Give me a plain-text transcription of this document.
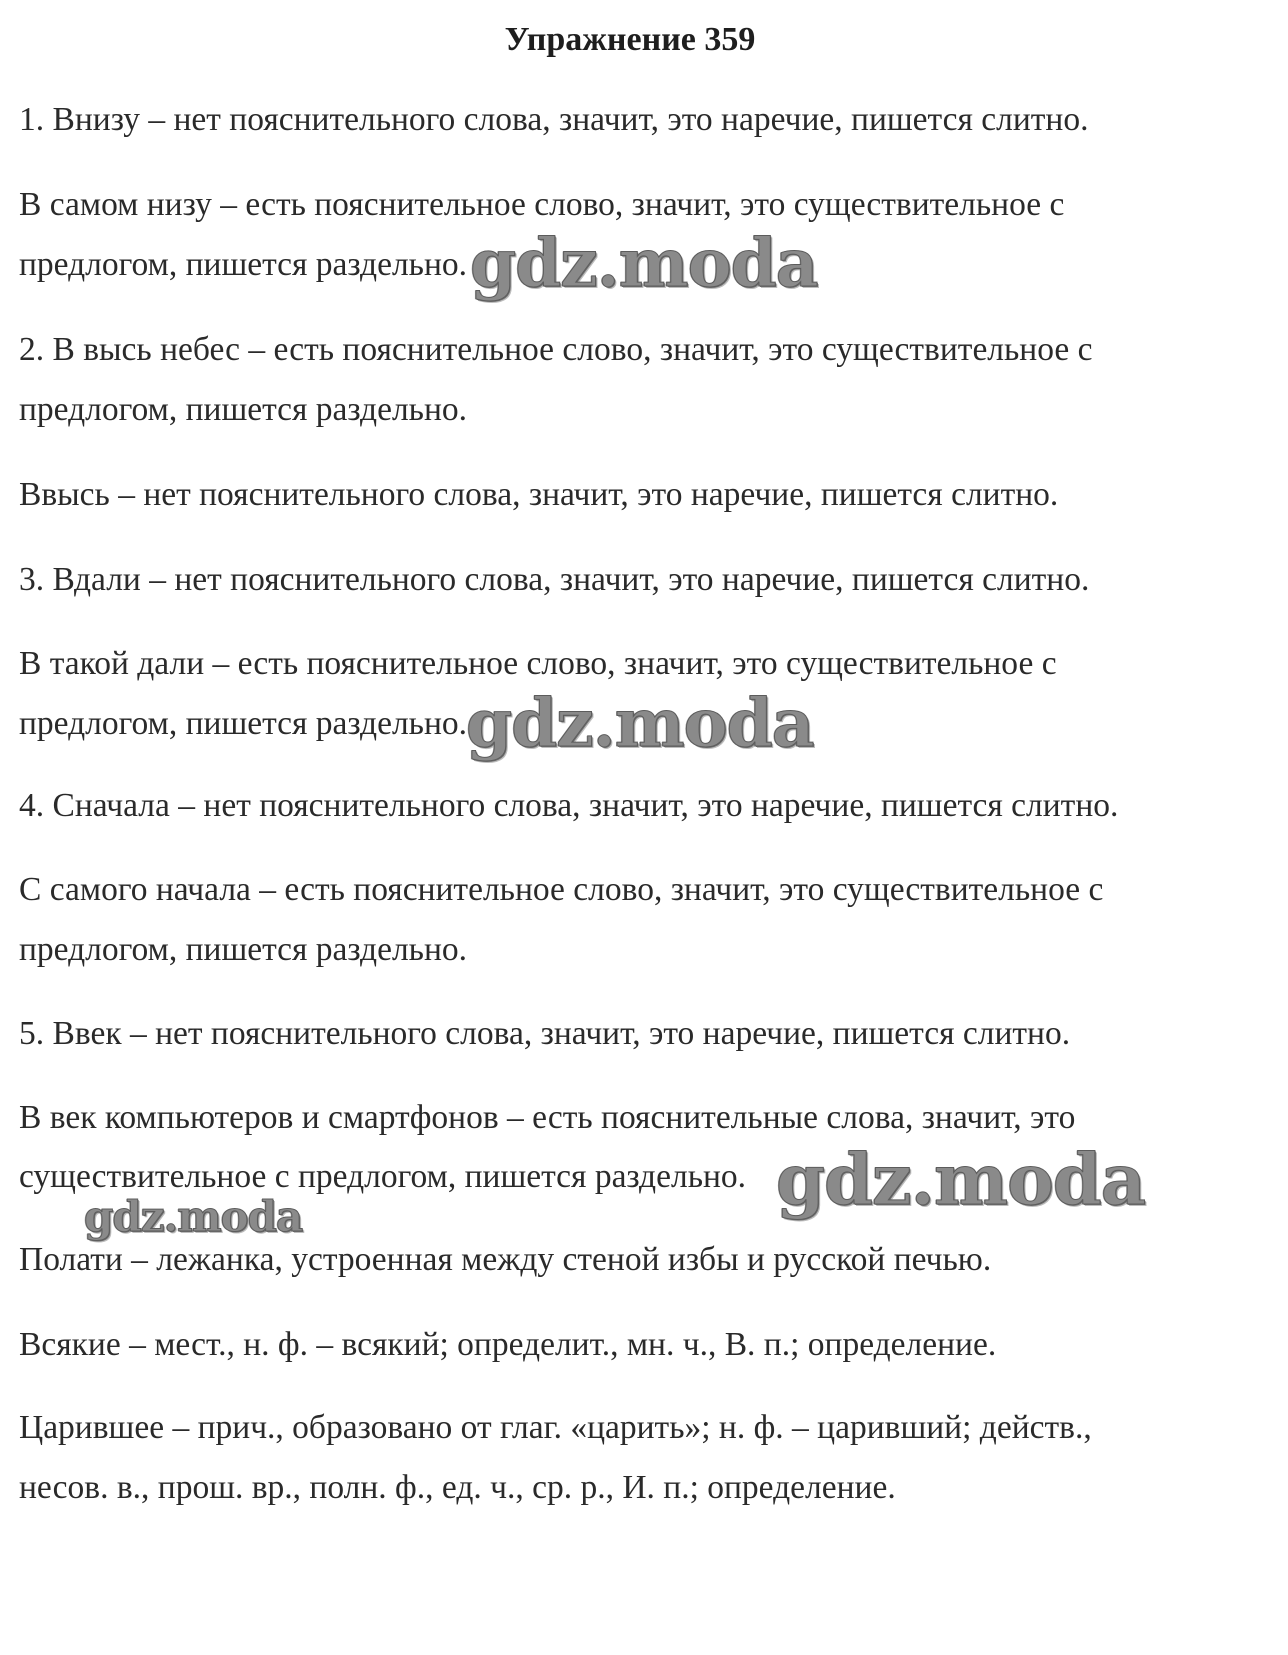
Упражнение 359
1. Внизу – нет пояснительного слова, значит, это наречие, пишется слитно.
В самом низу – есть пояснительное слово, значит, это существительное с
предлогом, пишется раздельно.
2. В высь небес – есть пояснительное слово, значит, это существительное с
предлогом, пишется раздельно.
Ввысь – нет пояснительного слова, значит, это наречие, пишется слитно.
3. Вдали – нет пояснительного слова, значит, это наречие, пишется слитно.
В такой дали – есть пояснительное слово, значит, это существительное с
предлогом, пишется раздельно.
4. Сначала – нет пояснительного слова, значит, это наречие, пишется слитно.
С самого начала – есть пояснительное слово, значит, это существительное с
предлогом, пишется раздельно.
5. Ввек – нет пояснительного слова, значит, это наречие, пишется слитно.
В век компьютеров и смартфонов – есть пояснительные слова, значит, это
существительное с предлогом, пишется раздельно.
Полати – лежанка, устроенная между стеной избы и русской печью.
Всякие – мест., н. ф. – всякий; определит., мн. ч., В. п.; определение.
Царившее – прич., образовано от глаг. «царить»; н. ф. – царивший; действ.,
несов. в., прош. вр., полн. ф., ед. ч., ср. р., И. п.; определение.
gdz.moda
gdz.moda
gdz.moda
gdz.moda
